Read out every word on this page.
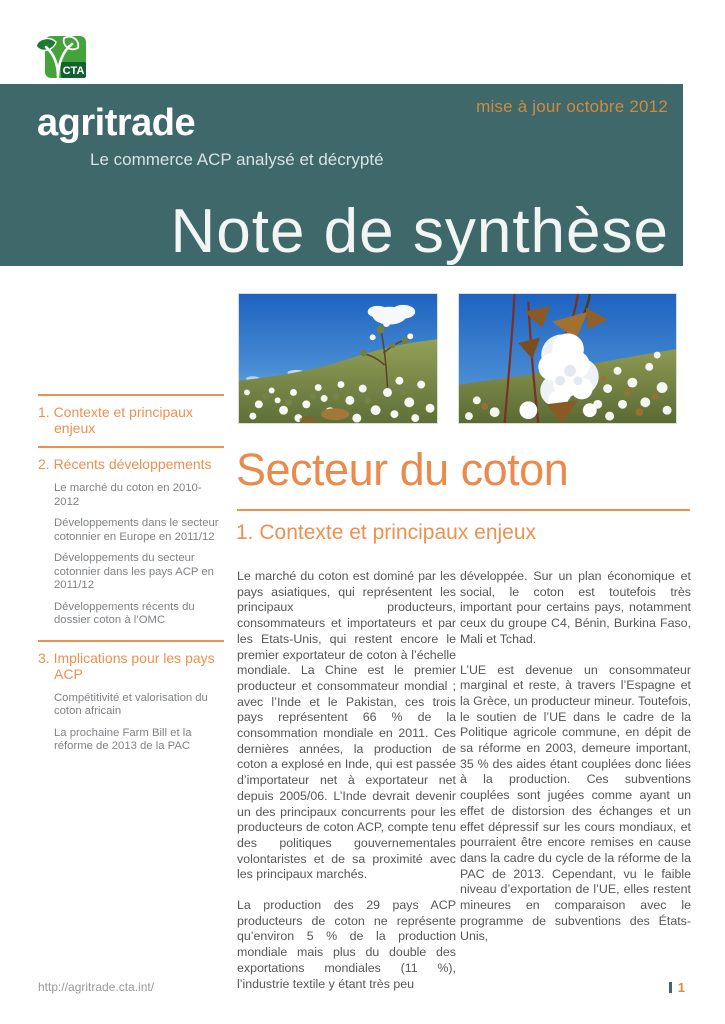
CTA
mise à jour octobre 2012
agritrade
Le commerce ACP analysé et décrypté
Note de synthèse
1. Contexte et principaux enjeux
2. Récents développements
Le marché du coton en 2010-2012
Développements dans le secteur cotonnier en Europe en 2011/12
Développements du secteur cotonnier dans les pays ACP en 2011/12
Développements récents du dossier coton à l’OMC
3. Implications pour les pays ACP
Compétitivité et valorisation du coton africain
La prochaine Farm Bill et la réforme de 2013 de la PAC
Secteur du coton
1. Contexte et principaux enjeux

Le marché du coton est dominé par les pays asiatiques, qui représentent les principaux producteurs, consommateurs et importateurs et par les Etats-Unis, qui restent encore le premier exportateur de coton à l’échelle mondiale. La Chine est le premier producteur et consommateur mondial ; avec l’Inde et le Pakistan, ces trois pays représentent 66 % de la consommation mondiale en 2011. Ces dernières années, la production de coton a explosé en Inde, qui est passée d’importateur net à exportateur net depuis 2005/06. L’Inde devrait devenir un des principaux concurrents pour les producteurs de coton ACP, compte tenu des politiques gouvernementales volontaristes et de sa proximité avec les principaux marchés.

La production des 29 pays ACP producteurs de coton ne représente qu’environ 5 % de la production mondiale mais plus du double des exportations mondiales (11 %), l’industrie textile y étant très peu

développée. Sur un plan économique et social, le coton est toutefois très important pour certains pays, notamment ceux du groupe C4, Bénin, Burkina Faso, Mali et Tchad.

L’UE est devenue un consommateur marginal et reste, à travers l’Espagne et la Grèce, un producteur mineur. Toutefois, le soutien de l’UE dans le cadre de la Politique agricole commune, en dépit de sa réforme en 2003, demeure important, 35 % des aides étant couplées donc liées à la production. Ces subventions couplées sont jugées comme ayant un effet de distorsion des échanges et un effet dépressif sur les cours mondiaux, et pourraient être encore remises en cause dans la cadre du cycle de la réforme de la PAC de 2013. Cependant, vu le faible niveau d’exportation de l’UE, elles restent mineures en comparaison avec le programme de subventions des États-Unis,

http://agritrade.cta.int/	1
